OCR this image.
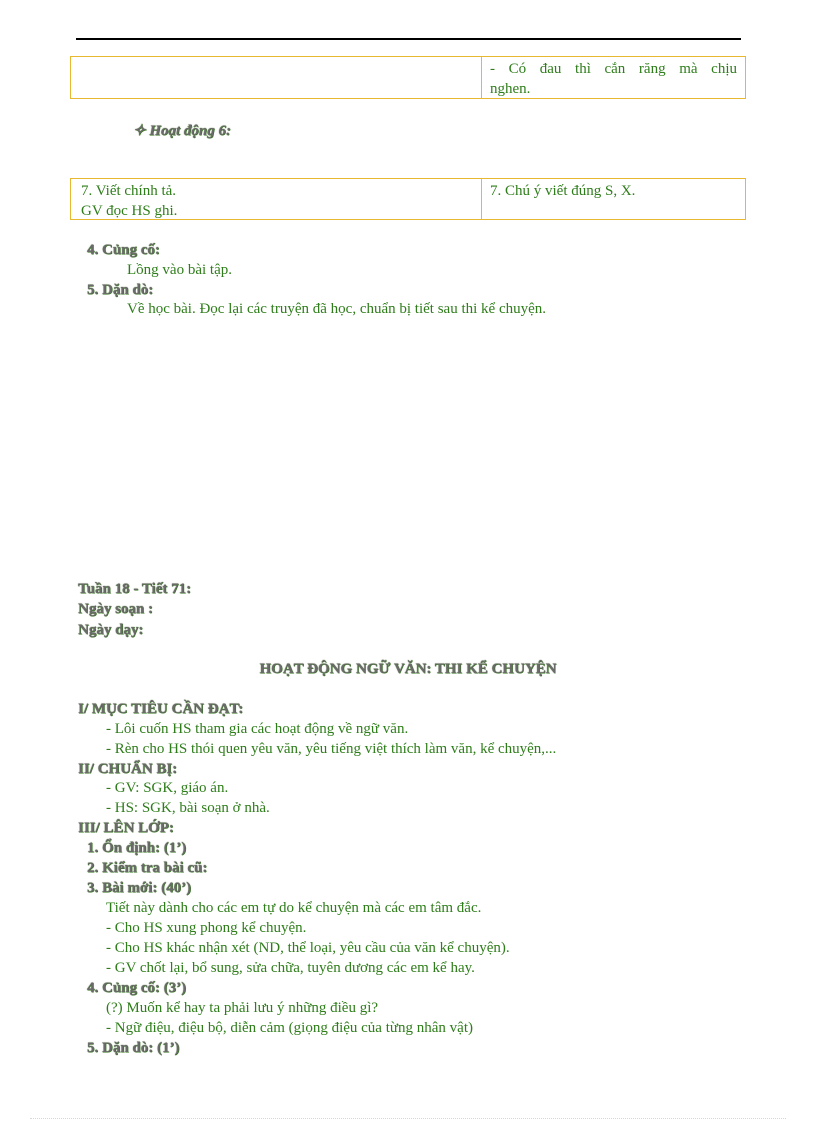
- Có đau thì cắn răng mà chịu
nghen.
✧ Hoạt động 6:
7. Viết chính tả.
GV đọc HS ghi.
7. Chú ý viết đúng S, X.
4. Củng cố:
Lồng vào bài tập.
5. Dặn dò:
Về học bài. Đọc lại các truyện đã học, chuẩn bị tiết sau thi kể chuyện.
Tuần 18 - Tiết 71:
Ngày soạn :
Ngày dạy:
HOẠT ĐỘNG NGỮ VĂN: THI KỂ CHUYỆN
I/ MỤC TIÊU CẦN ĐẠT:
- Lôi cuốn HS tham gia các hoạt động về ngữ văn.
- Rèn cho HS thói quen yêu văn, yêu tiếng việt thích làm văn, kể chuyện,...
II/ CHUẨN BỊ:
- GV: SGK, giáo án.
- HS: SGK, bài soạn ở nhà.
III/ LÊN LỚP:
1. Ổn định: (1’)
2. Kiểm tra bài cũ:
3. Bài mới: (40’)
Tiết này dành cho các em tự do kể chuyện mà các em tâm đắc.
- Cho HS xung phong kể chuyện.
- Cho HS khác nhận xét (ND, thể loại, yêu cầu của văn kể chuyện).
- GV chốt lại, bổ sung, sửa chữa, tuyên dương các em kể hay.
4. Củng cố: (3’)
(?) Muốn kể hay ta phải lưu ý những điều gì?
- Ngữ điệu, điệu bộ, diễn cảm (giọng điệu của từng nhân vật)
5. Dặn dò: (1’)
